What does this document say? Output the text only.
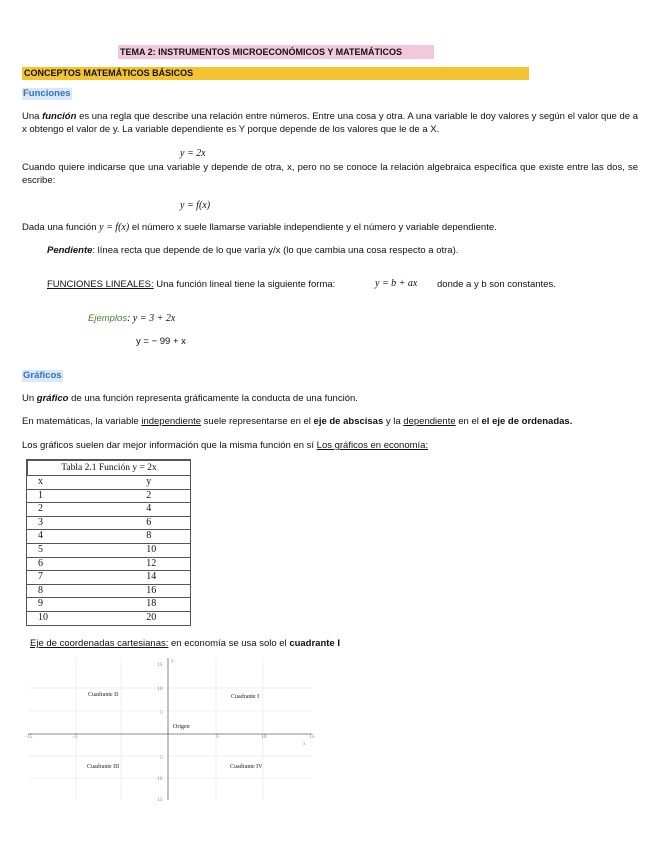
TEMA 2: INSTRUMENTOS MICROECONÓMICOS Y MATEMÁTICOS
CONCEPTOS MATEMÁTICOS BÁSICOS
Funciones
Una función es una regla que describe una relación entre números. Entre una cosa y otra. A una variable le doy valores y según el valor que de a x obtengo el valor de y. La variable dependiente es Y porque depende de los valores que le de a X.
y = 2x
Cuando quiere indicarse que una variable y depende de otra, x, pero no se conoce la relación algebraica específica que existe entre las dos, se escribe:
y = f(x)
Dada una función y = f(x) el número x suele llamarse variable independiente y el número y variable dependiente.
Pendiente: línea recta que depende de lo que varía y/x (lo que cambia una cosa respecto a otra).
FUNCIONES LINEALES: Una función lineal tiene la siguiente forma:	y = b + ax donde a y b son constantes.
Ejemplos: y = 3 + 2x
y = − 99 + x
Gráficos
Un gráfico de una función representa gráficamente la conducta de una función.
En matemáticas, la variable independiente suele representarse en el eje de abscisas y la dependiente en el el eje de ordenadas.
Los gráficos suelen dar mejor información que la misma función en sí Los gráficos en economía:
Tabla 2.1 Función y = 2x
x	y
1	2
2	4
3	6
4	8
5	10
6	12
7	14
8	16
9	18
10	20
Eje de coordenadas cartesianas: en economía se usa solo el cuadrante I
-15	-5	5	10	15
15
10
5
5
10
15
x
y
Cuadrante II	Cuadrante I
Origen
Cuadrante III	Cuadrante IV
